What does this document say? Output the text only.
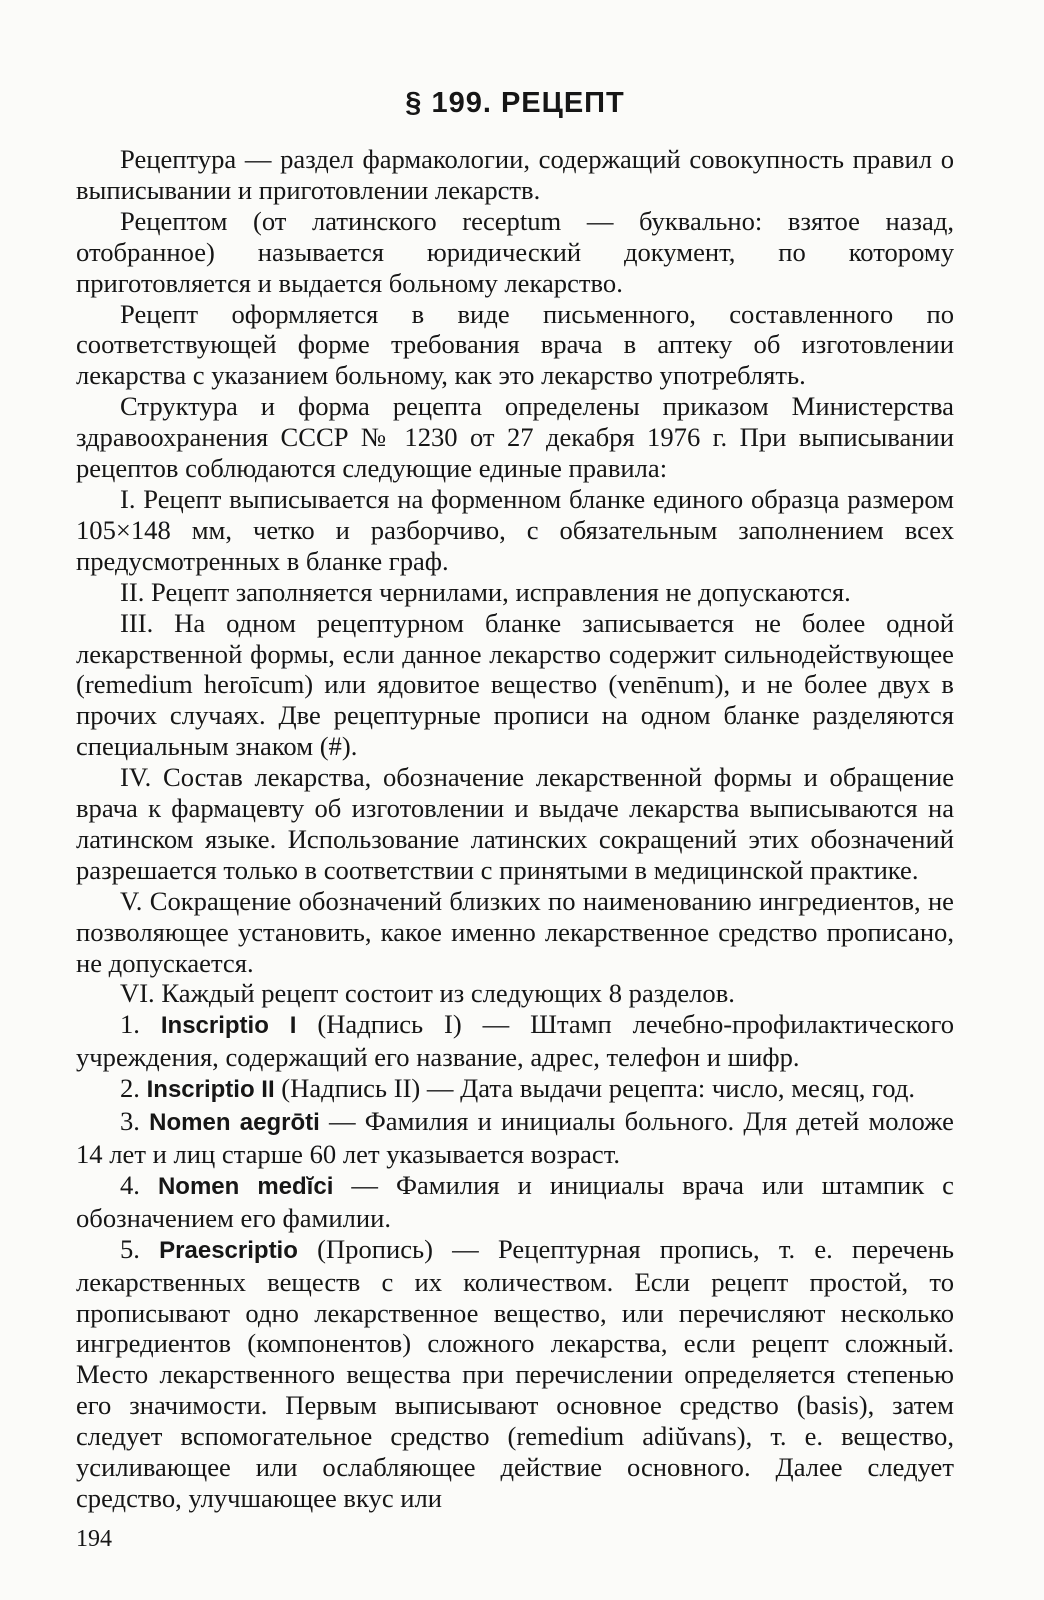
§ 199. РЕЦЕПТ

Рецептура — раздел фармакологии, содержащий совокупность правил о выписывании и приготовлении лекарств.

Рецептом (от латинского receptum — буквально: взятое назад, отобранное) называется юридический документ, по которому приготовляется и выдается больному лекарство.

Рецепт оформляется в виде письменного, составленного по соответствующей форме требования врача в аптеку об изготовлении лекарства с указанием больному, как это лекарство употреблять.

Структура и форма рецепта определены приказом Министерства здравоохранения СССР № 1230 от 27 декабря 1976 г. При выписывании рецептов соблюдаются следующие единые правила:

I. Рецепт выписывается на форменном бланке единого образца размером 105×148 мм, четко и разборчиво, с обязательным заполнением всех предусмотренных в бланке граф.

II. Рецепт заполняется чернилами, исправления не допускаются.

III. На одном рецептурном бланке записывается не более одной лекарственной формы, если данное лекарство содержит сильнодействующее (remedium heroīcum) или ядовитое вещество (venēnum), и не более двух в прочих случаях. Две рецептурные прописи на одном бланке разделяются специальным знаком (#).

IV. Состав лекарства, обозначение лекарственной формы и обращение врача к фармацевту об изготовлении и выдаче лекарства выписываются на латинском языке. Использование латинских сокращений этих обозначений разрешается только в соответствии с принятыми в медицинской практике.

V. Сокращение обозначений близких по наименованию ингредиентов, не позволяющее установить, какое именно лекарственное средство прописано, не допускается.

VI. Каждый рецепт состоит из следующих 8 разделов.

1. Inscriptio I (Надпись I) — Штамп лечебно-профилактического учреждения, содержащий его название, адрес, телефон и шифр.

2. Inscriptio II (Надпись II) — Дата выдачи рецепта: число, месяц, год.

3. Nomen aegrōti — Фамилия и инициалы больного. Для детей моложе 14 лет и лиц старше 60 лет указывается возраст.

4. Nomen medĭci — Фамилия и инициалы врача или штампик с обозначением его фамилии.

5. Praescriptio (Пропись) — Рецептурная пропись, т. е. перечень лекарственных веществ с их количеством. Если рецепт простой, то прописывают одно лекарственное вещество, или перечисляют несколько ингредиентов (компонентов) сложного лекарства, если рецепт сложный. Место лекарственного вещества при перечислении определяется степенью его значимости. Первым выписывают основное средство (basis), затем следует вспомогательное средство (remedium adiŭvans), т. е. вещество, усиливающее или ослабляющее действие основного. Далее следует средство, улучшающее вкус или

194
